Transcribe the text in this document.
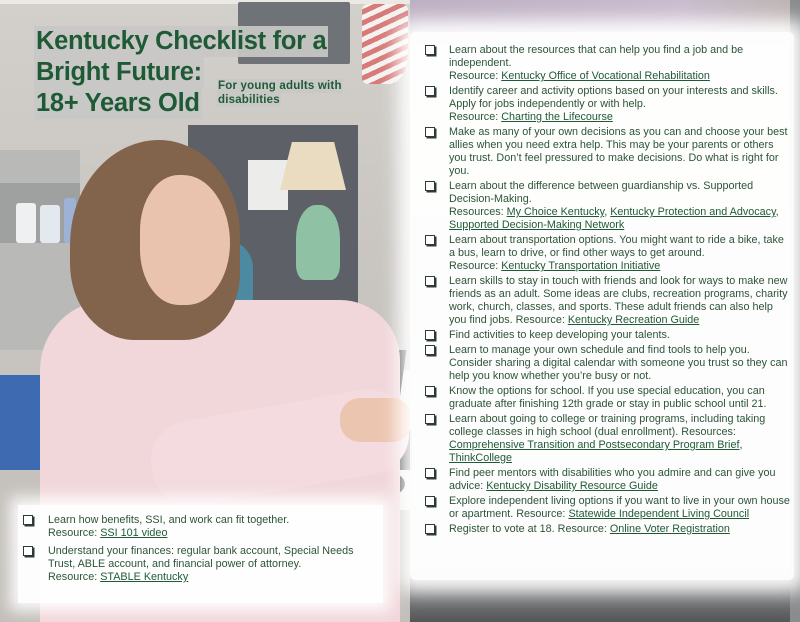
Kentucky Checklist for a
Bright Future:
18+ Years Old
For young adults with
disabilities
Learn about the resources that can help you find a job and be independent.
Resource: Kentucky Office of Vocational Rehabilitation
Identify career and activity options based on your interests and skills. Apply for jobs independently or with help.
Resource: Charting the Lifecourse
Make as many of your own decisions as you can and choose your best allies when you need extra help. This may be your parents or others you trust. Don’t feel pressured to make decisions. Do what is right for you.
Learn about the difference between guardianship vs. Supported Decision-Making.
Resources: My Choice Kentucky, Kentucky Protection and Advocacy, Supported Decision-Making Network
Learn about transportation options. You might want to ride a bike, take a bus, learn to drive, or find other ways to get around.
Resource: Kentucky Transportation Initiative
Learn skills to stay in touch with friends and look for ways to make new friends as an adult. Some ideas are clubs, recreation programs, charity work, church, classes, and sports. These adult friends can also help you find jobs. Resource: Kentucky Recreation Guide
Find activities to keep developing your talents.
Learn to manage your own schedule and find tools to help you. Consider sharing a digital calendar with someone you trust so they can help you know whether you’re busy or not.
Know the options for school. If you use special education, you can graduate after finishing 12th grade or stay in public school until 21.
Learn about going to college or training programs, including taking college classes in high school (dual enrollment). Resources: Comprehensive Transition and Postsecondary Program Brief, ThinkCollege
Find peer mentors with disabilities who you admire and can give you advice: Kentucky Disability Resource Guide
Explore independent living options if you want to live in your own house or apartment. Resource: Statewide Independent Living Council
Register to vote at 18. Resource: Online Voter Registration
Learn how benefits, SSI, and work can fit together.
Resource: SSI 101 video
Understand your finances: regular bank account, Special Needs Trust, ABLE account, and financial power of attorney.
Resource: STABLE Kentucky
